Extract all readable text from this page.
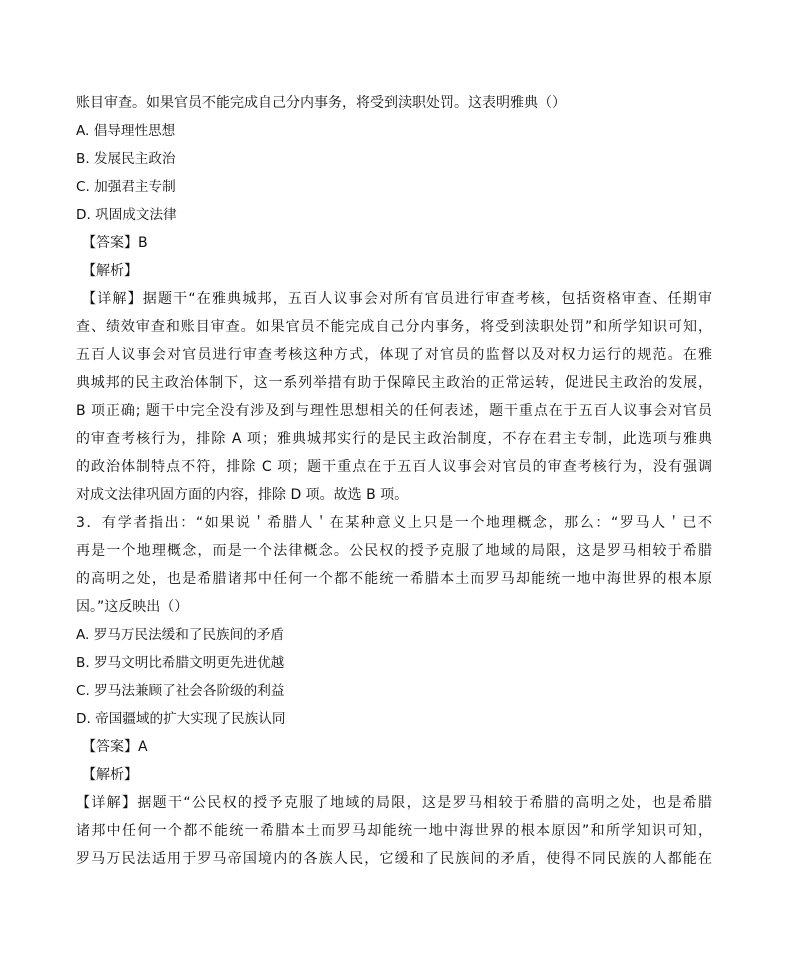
账目审查。如果官员不能完成自己分内事务，将受到渎职处罚。这表明雅典（）
A. 倡导理性思想
B. 发展民主政治
C. 加强君主专制
D. 巩固成文法律
【答案】B
【解析】
【详解】据题干“在雅典城邦，五百人议事会对所有官员进行审查考核，包括资格审查、任期审
查、绩效审查和账目审查。如果官员不能完成自己分内事务，将受到渎职处罚”和所学知识可知，
五百人议事会对官员进行审查考核这种方式，体现了对官员的监督以及对权力运行的规范。在雅
典城邦的民主政治体制下，这一系列举措有助于保障民主政治的正常运转，促进民主政治的发展，
B 项正确; 题干中完全没有涉及到与理性思想相关的任何表述，题干重点在于五百人议事会对官员
的审查考核行为，排除 A 项；雅典城邦实行的是民主政治制度，不存在君主专制，此选项与雅典
的政治体制特点不符，排除 C 项；题干重点在于五百人议事会对官员的审查考核行为，没有强调
对成文法律巩固方面的内容，排除 D 项。故选 B 项。
3．有学者指出：“如果说＇希腊人＇在某种意义上只是一个地理概念，那么：“罗马人＇已不
再是一个地理概念，而是一个法律概念。公民权的授予克服了地域的局限，这是罗马相较于希腊
的高明之处，也是希腊诸邦中任何一个都不能统一希腊本土而罗马却能统一地中海世界的根本原
因。”这反映出（）
A. 罗马万民法缓和了民族间的矛盾
B. 罗马文明比希腊文明更先进优越
C. 罗马法兼顾了社会各阶级的利益
D. 帝国疆域的扩大实现了民族认同
【答案】A
【解析】
【详解】据题干“公民权的授予克服了地域的局限，这是罗马相较于希腊的高明之处，也是希腊
诸邦中任何一个都不能统一希腊本土而罗马却能统一地中海世界的根本原因”和所学知识可知，
罗马万民法适用于罗马帝国境内的各族人民，它缓和了民族间的矛盾，使得不同民族的人都能在
